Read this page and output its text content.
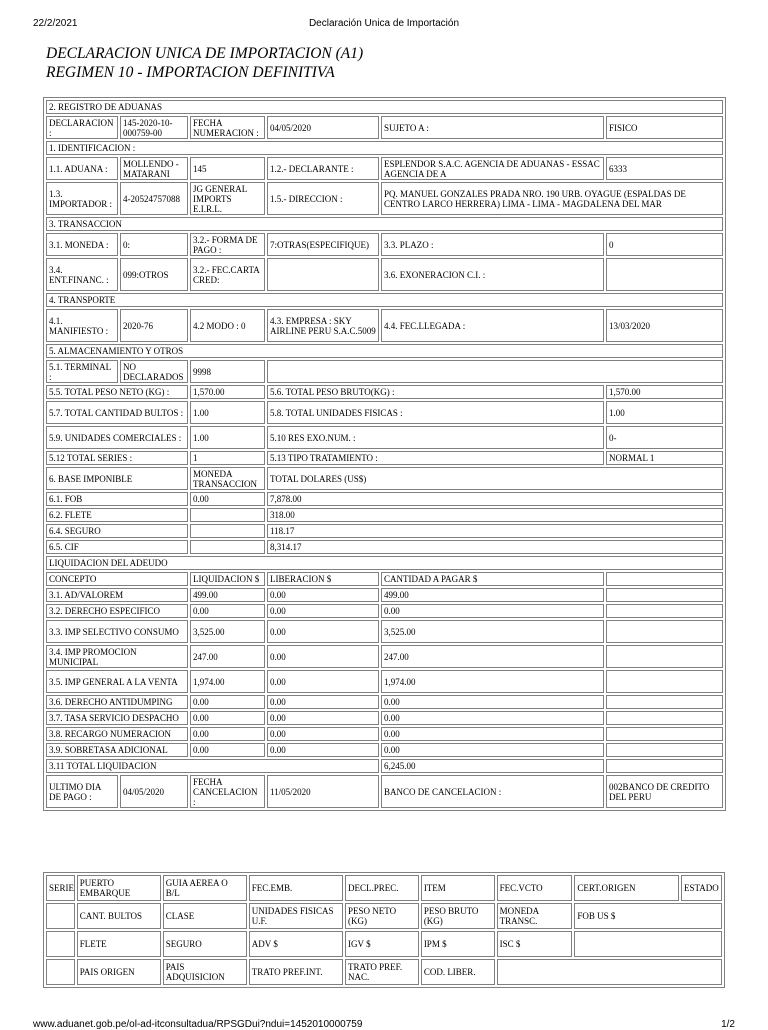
22/2/2021	Declaración Unica de Importación
DECLARACION UNICA DE IMPORTACION (A1)
REGIMEN 10 - IMPORTACION DEFINITIVA
2. REGISTRO DE ADUANAS					
DECLARACION :	145-2020-10-000759-00	FECHA NUMERACION :	04/05/2020	SUJETO A :	FISICO
1. IDENTIFICACION :					
1.1. ADUANA :	MOLLENDO - MATARANI	145	1.2.- DECLARANTE :	ESPLENDOR S.A.C. AGENCIA DE ADUANAS - ESSAC AGENCIA DE A	6333
1.3. IMPORTADOR :	4-20524757088	JG GENERAL IMPORTS E.I.R.L.	1.5.- DIRECCION :	PQ. MANUEL GONZALES PRADA NRO. 190 URB. OYAGUE (ESPALDAS DE CENTRO LARCO HERRERA) LIMA - LIMA - MAGDALENA DEL MAR	
3. TRANSACCION					
3.1. MONEDA :	0:	3.2.- FORMA DE PAGO :	7:OTRAS(ESPECIFIQUE)	3.3. PLAZO :	0
3.4. ENT.FINANC. :	099:OTROS	3.2.- FEC.CARTA CRED:		3.6. EXONERACION C.I. :	
4. TRANSPORTE					
4.1. MANIFIESTO :	2020-76	4.2 MODO : 0	4.3. EMPRESA : SKY AIRLINE PERU S.A.C.5009	4.4. FEC.LLEGADA :	13/03/2020
5. ALMACENAMIENTO Y OTROS					
5.1. TERMINAL :	NO DECLARADOS	9998			
5.5. TOTAL PESO NETO (KG) :		1,570.00	5.6. TOTAL PESO BRUTO(KG) :		1,570.00
5.7. TOTAL CANTIDAD BULTOS :		1.00	5.8. TOTAL UNIDADES FISICAS :		1.00
5.9. UNIDADES COMERCIALES :		1.00	5.10 RES EXO.NUM. :		0-
5.12 TOTAL SERIES :		1	5.13 TIPO TRATAMIENTO :		NORMAL 1
6. BASE IMPONIBLE		MONEDA TRANSACCION	TOTAL DOLARES (US$)		
6.1. FOB		0.00	7,878.00		
6.2. FLETE			318.00		
6.4. SEGURO			118.17		
6.5. CIF			8,314.17		
LIQUIDACION DEL ADEUDO					
CONCEPTO		LIQUIDACION $	LIBERACION $	CANTIDAD A PAGAR $	
3.1. AD/VALOREM		499.00	0.00	499.00	
3.2. DERECHO ESPECIFICO		0.00	0.00	0.00	
3.3. IMP SELECTIVO CONSUMO		3,525.00	0.00	3,525.00	
3.4. IMP PROMOCION MUNICIPAL		247.00	0.00	247.00	
3.5. IMP GENERAL A LA VENTA		1,974.00	0.00	1,974.00	
3.6. DERECHO ANTIDUMPING		0.00	0.00	0.00	
3.7. TASA SERVICIO DESPACHO		0.00	0.00	0.00	
3.8. RECARGO NUMERACION		0.00	0.00	0.00	
3.9. SOBRETASA ADICIONAL		0.00	0.00	0.00	
3.11 TOTAL LIQUIDACION				6,245.00	
ULTIMO DIA DE PAGO :	04/05/2020	FECHA CANCELACION :	11/05/2020	BANCO DE CANCELACION :	002BANCO DE CREDITO DEL PERU
SERIE	PUERTO EMBARQUE	GUIA AEREA O B/L	FEC.EMB.	DECL.PREC.	ITEM	FEC.VCTO	CERT.ORIGEN	ESTADO
	CANT. BULTOS	CLASE	UNIDADES FISICAS U.F.	PESO NETO (KG)	PESO BRUTO (KG)	MONEDA TRANSC.	FOB US $	
	FLETE	SEGURO	ADV $	IGV $	IPM $	ISC $		
	PAIS ORIGEN	PAIS ADQUISICION	TRATO PREF.INT.	TRATO PREF. NAC.	COD. LIBER.			
www.aduanet.gob.pe/ol-ad-itconsultadua/RPSGDui?ndui=1452010000759	1/2
